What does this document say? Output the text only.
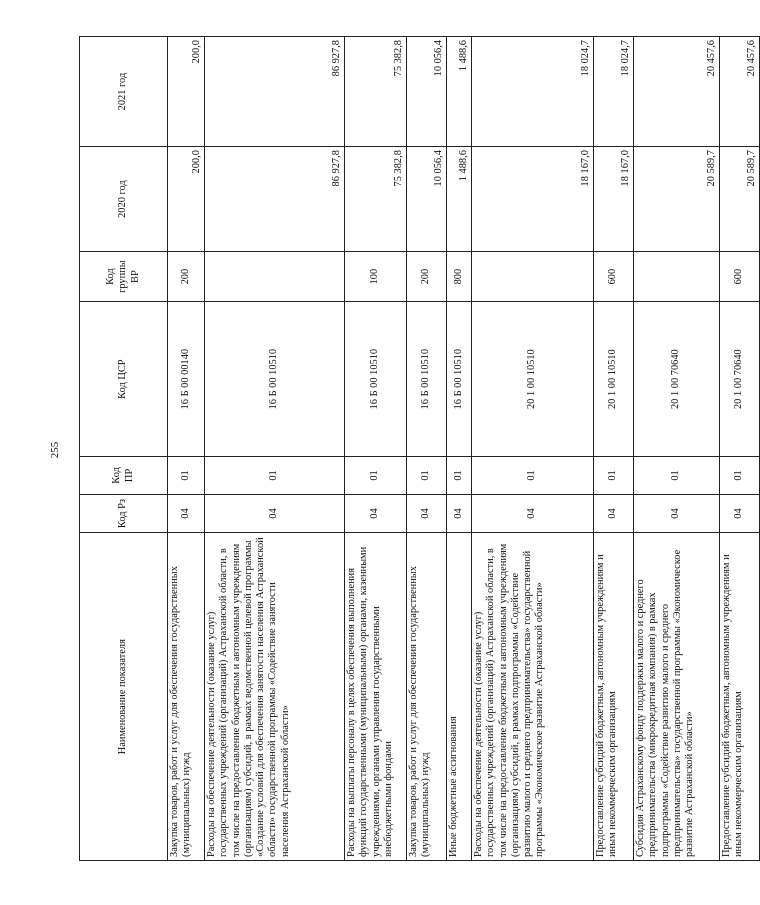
255
Наименование показателя	Код Рз	Код ПР	Код ЦСР	Код группы ВР	2020 год	2021 год
Закупка товаров, работ и услуг для обеспечения государственных (муниципальных) нужд	04	01	16 Б 00 00140	200	200,0	200,0
Расходы на обеспечение деятельности (оказание услуг) государственных учреждений (организаций) Астраханской области, в том числе на предоставление бюджетным и автономным учреждениям (организациям) субсидий, в рамках ведомственной целевой программы «Создание условий для обеспечения занятости населения Астраханской области» государственной программы «Содействие занятости населения Астраханской области»	04	01	16 Б 00 10510		86 927,8	86 927,8
Расходы на выплаты персоналу в целях обеспечения выполнения функций государственными (муниципальными) органами, казенными учреждениями, органами управления государственными внебюджетными фондами	04	01	16 Б 00 10510	100	75 382,8	75 382,8
Закупка товаров, работ и услуг для обеспечения государственных (муниципальных) нужд	04	01	16 Б 00 10510	200	10 056,4	10 056,4
Иные бюджетные ассигнования	04	01	16 Б 00 10510	800	1 488,6	1 488,6
Расходы на обеспечение деятельности (оказание услуг) государственных учреждений (организаций) Астраханской области, в том числе на предоставление бюджетным и автономным учреждениям (организациям) субсидий, в рамках подпрограммы «Содействие развитию малого и среднего предпринимательства» государственной программы «Экономическое развитие Астраханской области»	04	01	20 1 00 10510		18 167,0	18 024,7
Предоставление субсидий бюджетным, автономным учреждениям и иным некоммерческим организациям	04	01	20 1 00 10510	600	18 167,0	18 024,7
Субсидия Астраханскому фонду поддержки малого и среднего предпринимательства (микрокредитная компания) в рамках подпрограммы «Содействие развитию малого и среднего предпринимательства» государственной программы «Экономическое развитие Астраханской области»	04	01	20 1 00 70640		20 589,7	20 457,6
Предоставление субсидий бюджетным, автономным учреждениям и иным некоммерческим организациям	04	01	20 1 00 70640	600	20 589,7	20 457,6
